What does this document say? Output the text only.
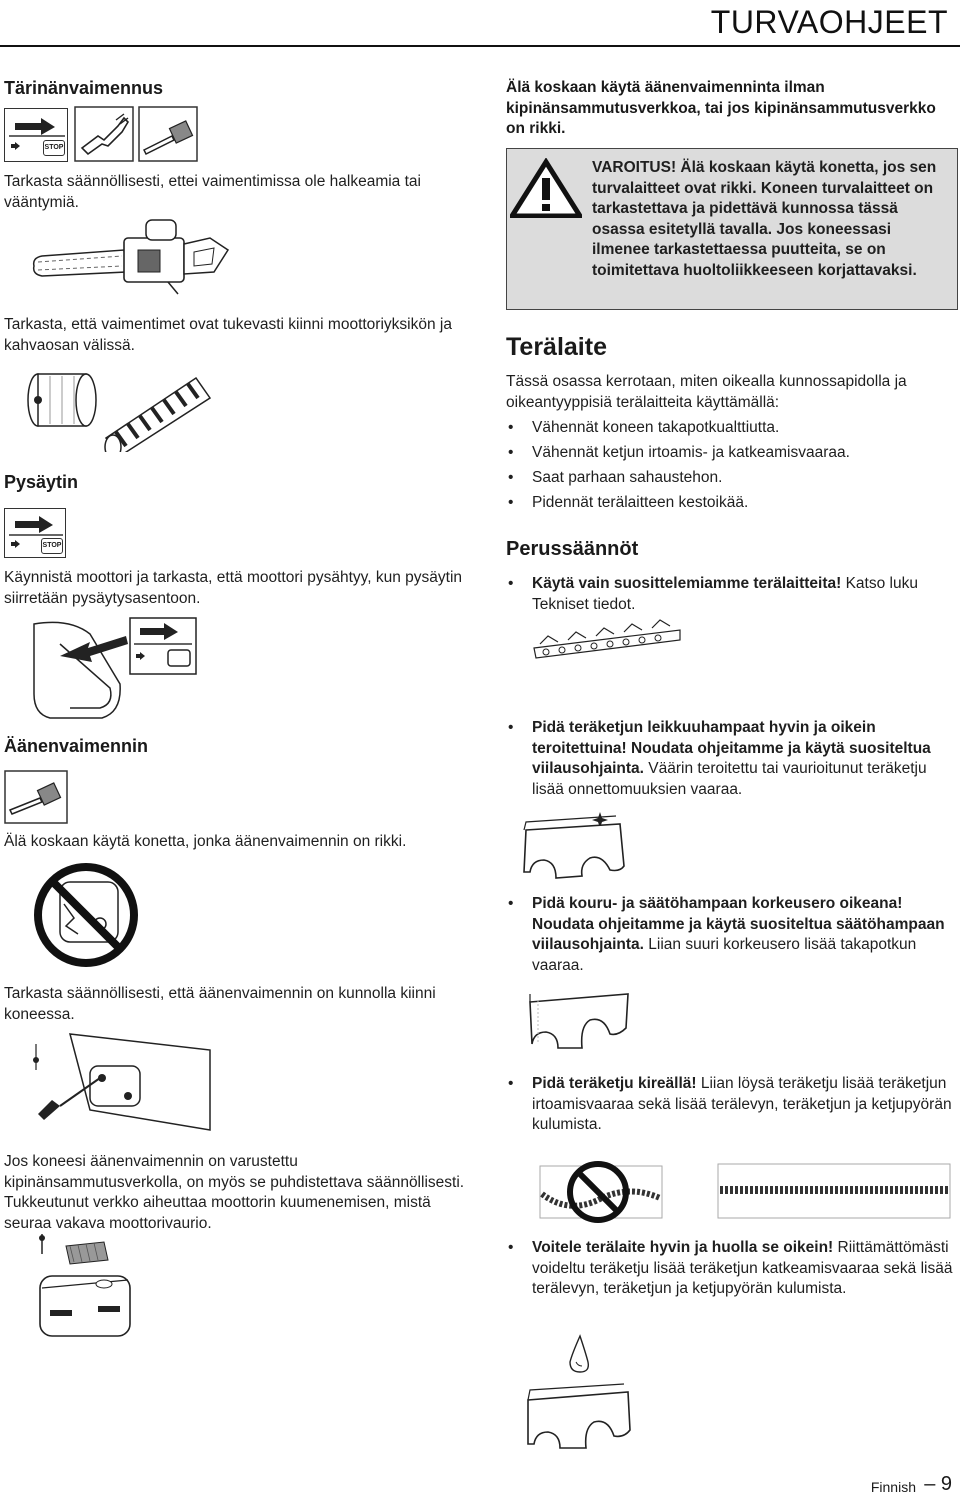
TURVAOHJEET
Tärinänvaimennus
STOP
Tarkasta säännöllisesti, ettei vaimentimissa ole halkeamia tai vääntymiä.
Tarkasta, että vaimentimet ovat tukevasti kiinni moottoriyksikön ja kahvaosan välissä.
Pysäytin
STOP
Käynnistä moottori ja tarkasta, että moottori pysähtyy, kun pysäytin siirretään pysäytysasentoon.
Äänenvaimennin
Älä koskaan käytä konetta, jonka äänenvaimennin on rikki.
Tarkasta säännöllisesti, että äänenvaimennin on kunnolla kiinni koneessa.
Jos koneesi äänenvaimennin on varustettu kipinänsammutusverkolla, on myös se puhdistettava säännöllisesti. Tukkeutunut verkko aiheuttaa moottorin kuumenemisen, mistä seuraa vakava moottorivaurio.
Älä koskaan käytä äänenvaimenninta ilman kipinänsammutusverkkoa, tai jos kipinänsammutusverkko on rikki.
VAROITUS! Älä koskaan käytä konetta, jos sen turvalaitteet ovat rikki. Koneen turvalaitteet on tarkastettava ja pidettävä kunnossa tässä osassa esitetyllä tavalla. Jos koneessasi ilmenee tarkastettaessa puutteita, se on toimitettava huoltoliikkeeseen korjattavaksi.
Terälaite
Tässä osassa kerrotaan, miten oikealla kunnossapidolla ja oikeantyyppisiä terälaitteita käyttämällä:
• Vähennät koneen takapotkualttiutta.
• Vähennät ketjun irtoamis- ja katkeamisvaaraa.
• Saat parhaan sahaustehon.
• Pidennät terälaitteen kestoikää.
Perussäännöt
• Käytä vain suosittelemiamme terälaitteita! Katso luku Tekniset tiedot.
• Pidä teräketjun leikkuuhampaat hyvin ja oikein teroitettuina! Noudata ohjeitamme ja käytä suositeltua viilausohjainta. Väärin teroitettu tai vaurioitunut teräketju lisää onnettomuuksien vaaraa.
• Pidä kouru- ja säätöhampaan korkeusero oikeana! Noudata ohjeitamme ja käytä suositeltua säätöhampaan viilausohjainta. Liian suuri korkeusero lisää takapotkun vaaraa.
• Pidä teräketju kireällä! Liian löysä teräketju lisää teräketjun irtoamisvaaraa sekä lisää terälevyn, teräketjun ja ketjupyörän kulumista.
• Voitele terälaite hyvin ja huolla se oikein! Riittämättömästi voideltu teräketju lisää teräketjun katkeamisvaaraa sekä lisää terälevyn, teräketjun ja ketjupyörän kulumista.
Finnish – 9
